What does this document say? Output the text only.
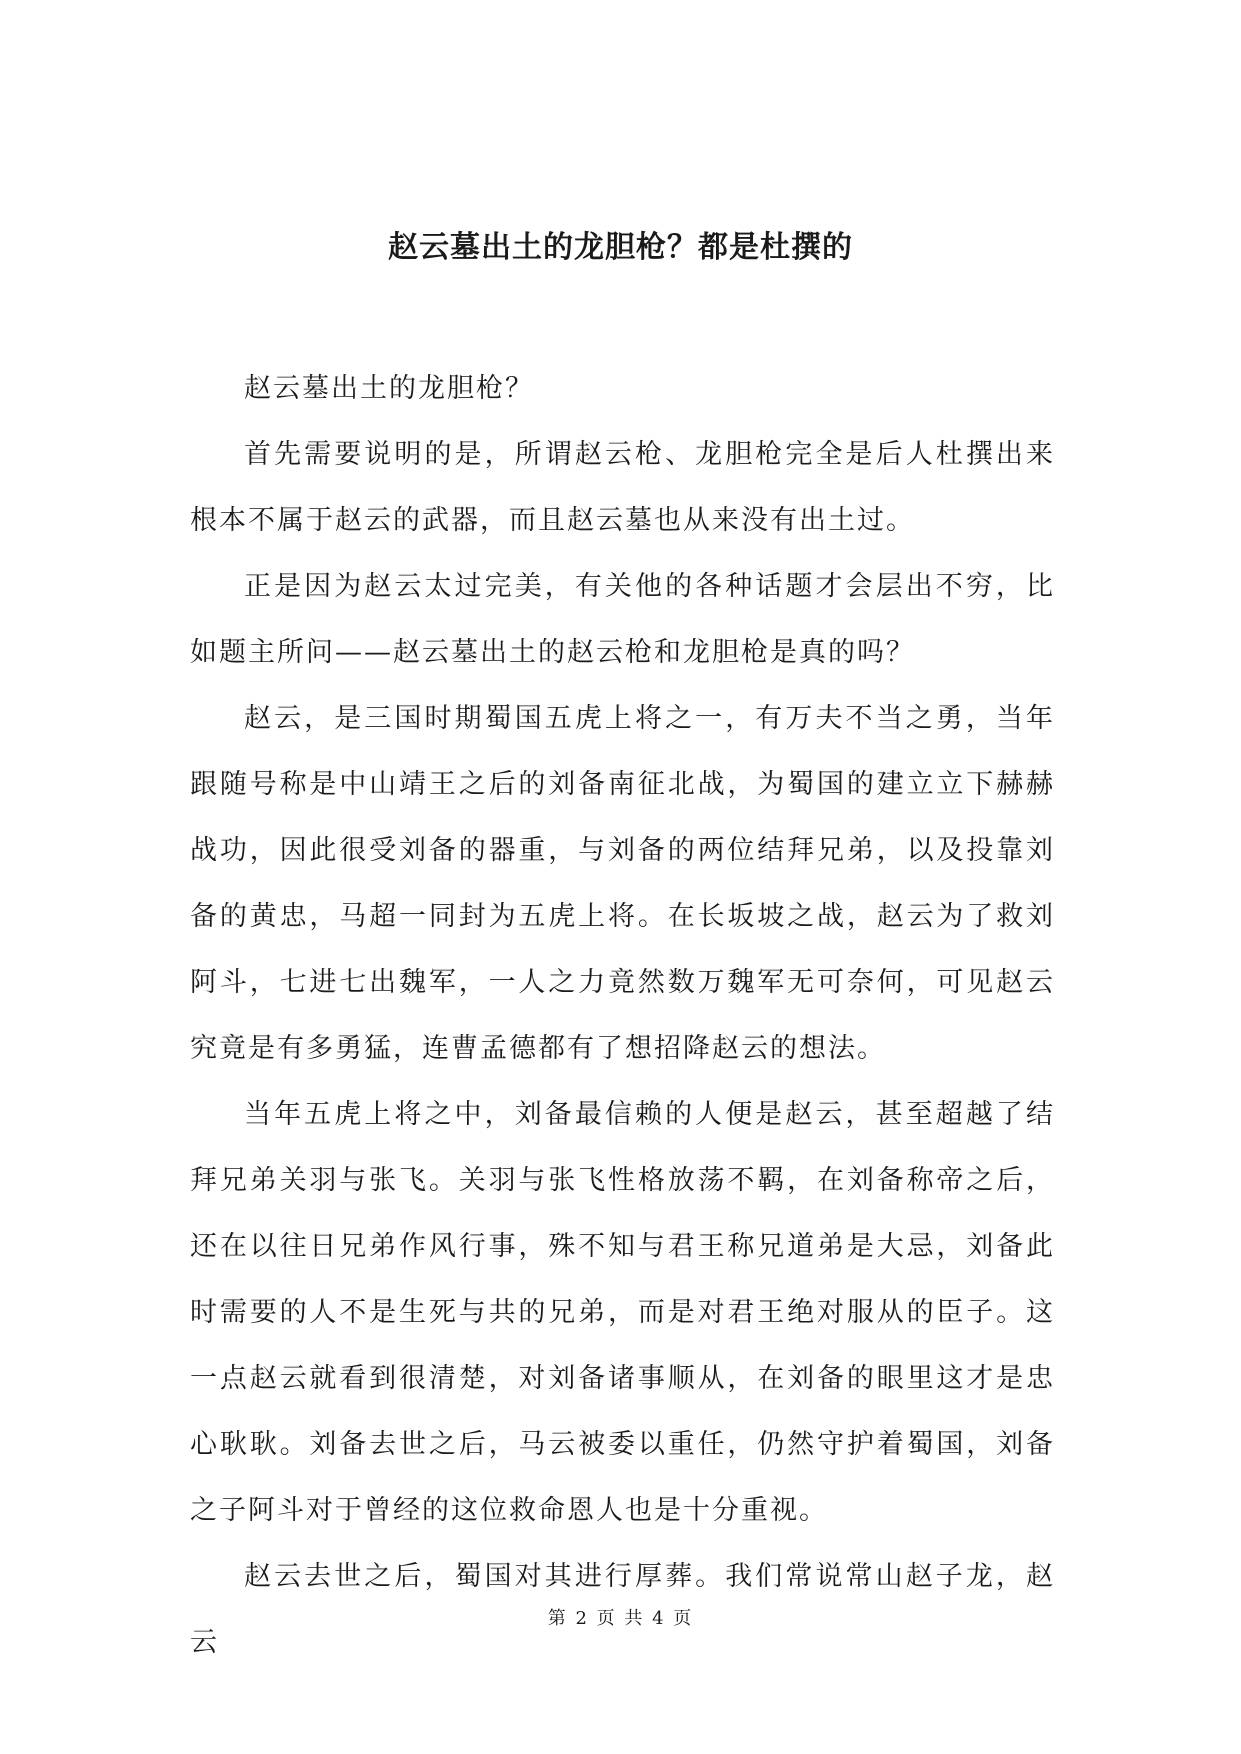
赵云墓出土的龙胆枪？都是杜撰的

赵云墓出土的龙胆枪？

首先需要说明的是，所谓赵云枪、龙胆枪完全是后人杜撰出来根本不属于赵云的武器，而且赵云墓也从来没有出土过。

正是因为赵云太过完美，有关他的各种话题才会层出不穷，比如题主所问——赵云墓出土的赵云枪和龙胆枪是真的吗？

赵云，是三国时期蜀国五虎上将之一，有万夫不当之勇，当年跟随号称是中山靖王之后的刘备南征北战，为蜀国的建立立下赫赫战功，因此很受刘备的器重，与刘备的两位结拜兄弟，以及投靠刘备的黄忠，马超一同封为五虎上将。在长坂坡之战，赵云为了救刘阿斗，七进七出魏军，一人之力竟然数万魏军无可奈何，可见赵云究竟是有多勇猛，连曹孟德都有了想招降赵云的想法。

当年五虎上将之中，刘备最信赖的人便是赵云，甚至超越了结拜兄弟关羽与张飞。关羽与张飞性格放荡不羁，在刘备称帝之后，还在以往日兄弟作风行事，殊不知与君王称兄道弟是大忌，刘备此时需要的人不是生死与共的兄弟，而是对君王绝对服从的臣子。这一点赵云就看到很清楚，对刘备诸事顺从，在刘备的眼里这才是忠心耿耿。刘备去世之后，马云被委以重任，仍然守护着蜀国，刘备之子阿斗对于曾经的这位救命恩人也是十分重视。

赵云去世之后，蜀国对其进行厚葬。我们常说常山赵子龙，赵云

第 2 页 共 4 页
